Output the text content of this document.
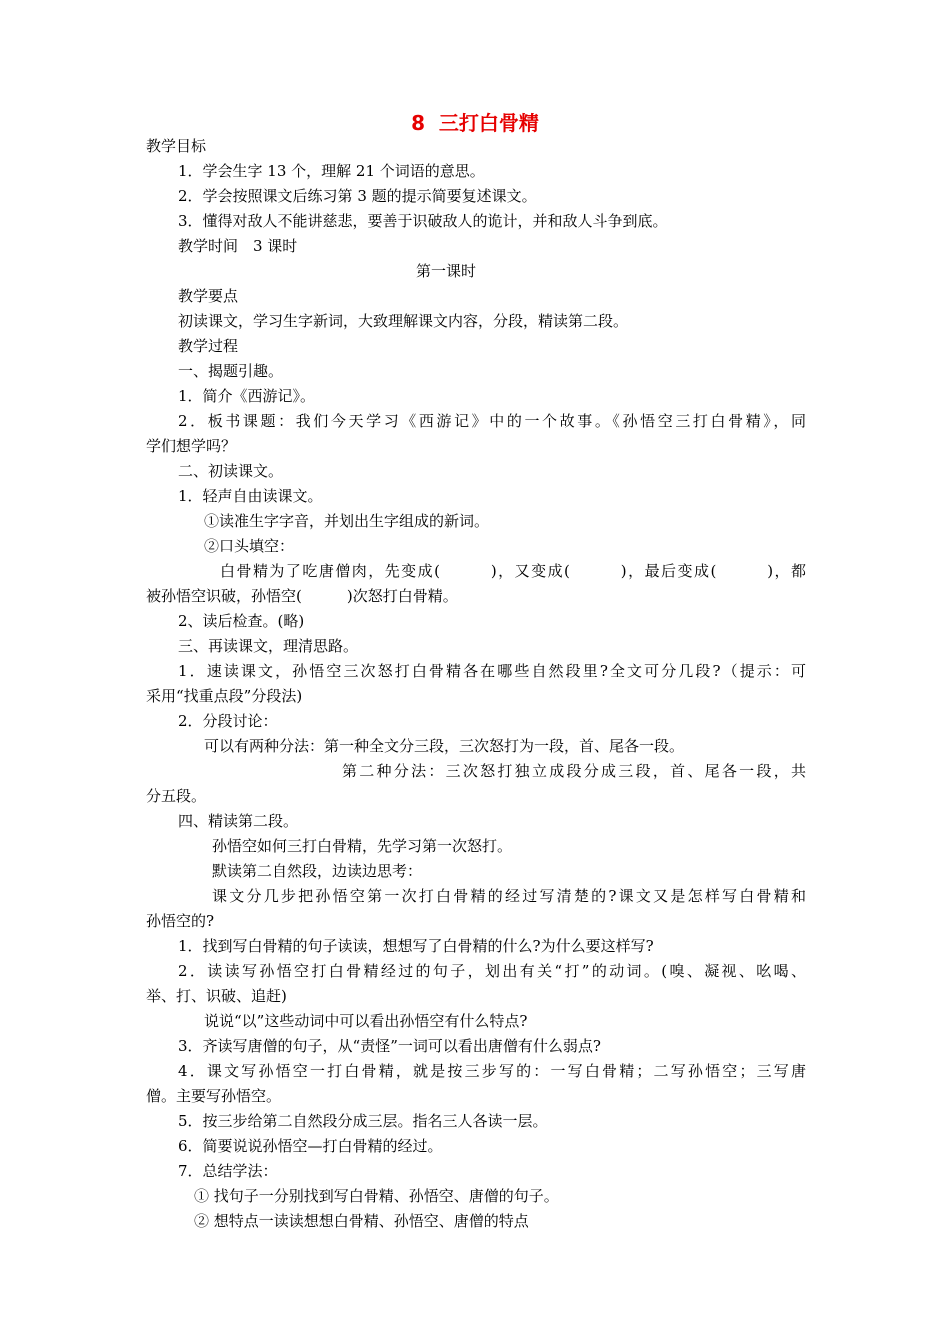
8  三打白骨精
教学目标
1．学会生字 13 个，理解 21 个词语的意思。
2．学会按照课文后练习第 3 题的提示简要复述课文。
3．懂得对敌人不能讲慈悲，要善于识破敌人的诡计，并和敌人斗争到底。
教学时间　3 课时
第一课时
教学要点
初读课文，学习生字新词，大致理解课文内容，分段，精读第二段。
教学过程
一、揭题引趣。
1．简介《西游记》。
2．板书课题：我们今天学习《西游记》中的一个故事。《孙悟空三打白骨精》，同
学们想学吗？
二、初读课文。
1．轻声自由读课文。
①读准生字字音，并划出生字组成的新词。
②口头填空：
白骨精为了吃唐僧肉，先变成(　　　)，又变成(　　　)，最后变成(　　　)，都
被孙悟空识破，孙悟空(　　　)次怒打白骨精。
2、读后检查。(略)
三、再读课文，理清思路。
1．速读课文，孙悟空三次怒打白骨精各在哪些自然段里?全文可分几段?（提示：可
采用“找重点段”分段法)
2．分段讨论：
可以有两种分法：第一种全文分三段，三次怒打为一段，首、尾各一段。
第二种分法：三次怒打独立成段分成三段，首、尾各一段，共
分五段。
四、精读第二段。
孙悟空如何三打白骨精，先学习第一次怒打。
默读第二自然段，边读边思考：
课文分几步把孙悟空第一次打白骨精的经过写清楚的?课文又是怎样写白骨精和
孙悟空的?
1．找到写白骨精的句子读读，想想写了白骨精的什么?为什么要这样写?
2．读读写孙悟空打白骨精经过的句子，划出有关“打”的动词。(嗅、凝视、吆喝、
举、打、识破、追赶)
说说“以”这些动词中可以看出孙悟空有什么特点?
3．齐读写唐僧的句子，从“责怪”一词可以看出唐僧有什么弱点?
4．课文写孙悟空一打白骨精，就是按三步写的：一写白骨精；二写孙悟空；三写唐
僧。主要写孙悟空。
5．按三步给第二自然段分成三层。指名三人各读一层。
6．简要说说孙悟空—打白骨精的经过。
7．总结学法：
① 找句子一分别找到写白骨精、孙悟空、唐僧的句子。
② 想特点一读读想想白骨精、孙悟空、唐僧的特点
